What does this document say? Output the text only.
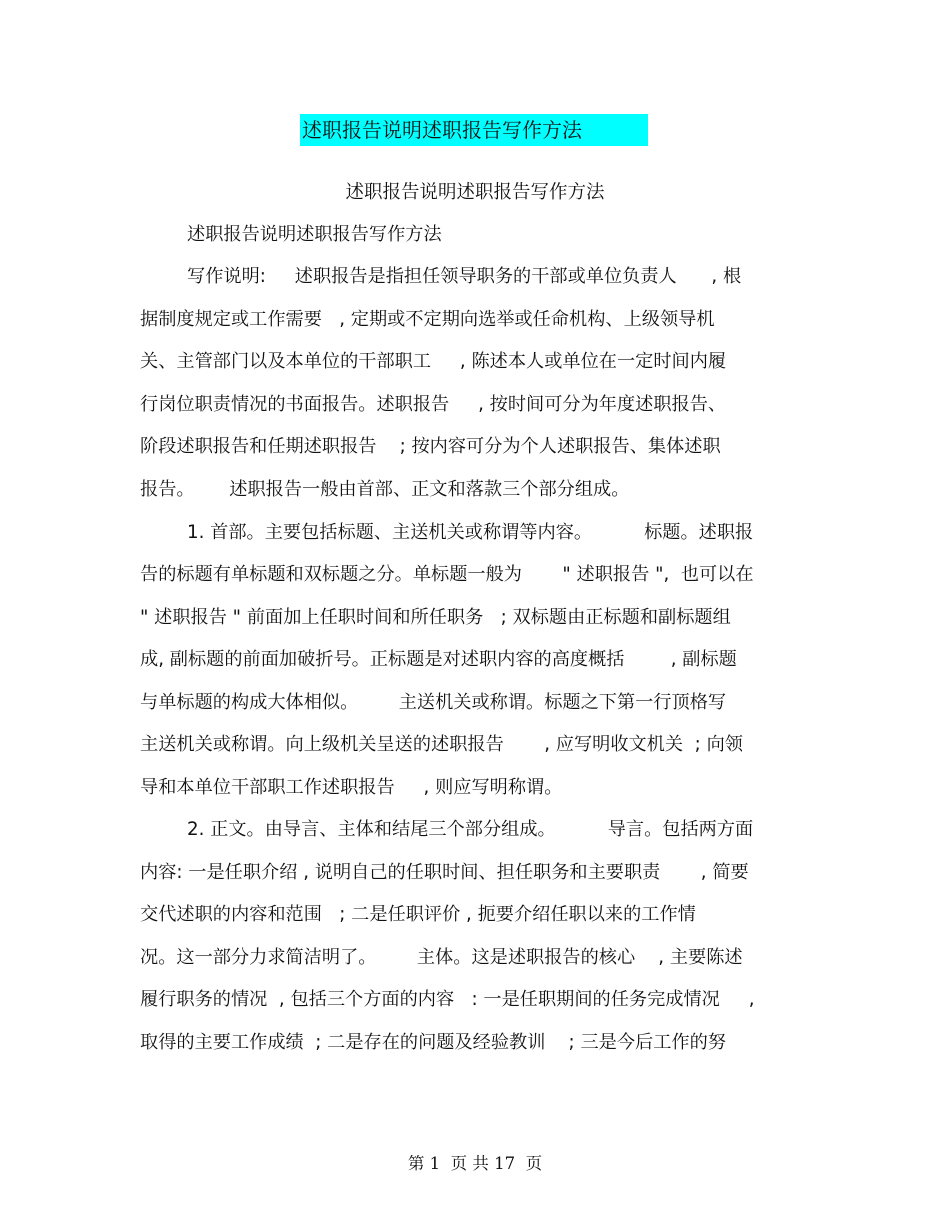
述职报告说明述职报告写作方法
述职报告说明述职报告写作方法
述职报告说明述职报告写作方法
写作说明:     述职报告是指担任领导职务的干部或单位负责人      , 根
据制度规定或工作需要   , 定期或不定期向选举或任命机构、上级领导机
关、主管部门以及本单位的干部职工     , 陈述本人或单位在一定时间内履
行岗位职责情况的书面报告。述职报告     , 按时间可分为年度述职报告、
阶段述职报告和任期述职报告    ; 按内容可分为个人述职报告、集体述职
报告。      述职报告一般由首部、正文和落款三个部分组成。
1. 首部。主要包括标题、主送机关或称谓等内容。         标题。述职报
告的标题有单标题和双标题之分。单标题一般为       " 述职报告 ",  也可以在
" 述职报告 " 前面加上任职时间和所任职务   ; 双标题由正标题和副标题组
成, 副标题的前面加破折号。正标题是对述职内容的高度概括        , 副标题
与单标题的构成大体相似。       主送机关或称谓。标题之下第一行顶格写
主送机关或称谓。向上级机关呈送的述职报告       , 应写明收文机关  ; 向领
导和本单位干部职工作述职报告     , 则应写明称谓。
2. 正文。由导言、主体和结尾三个部分组成。         导言。包括两方面
内容: 一是任职介绍 , 说明自己的任职时间、担任职务和主要职责       , 简要
交代述职的内容和范围   ; 二是任职评价 , 扼要介绍任职以来的工作情
况。这一部分力求简洁明了。       主体。这是述职报告的核心    , 主要陈述
履行职务的情况  , 包括三个方面的内容   : 一是任职期间的任务完成情况     ,
取得的主要工作成绩  ; 二是存在的问题及经验教训    ; 三是今后工作的努
第 1  页 共 17  页
